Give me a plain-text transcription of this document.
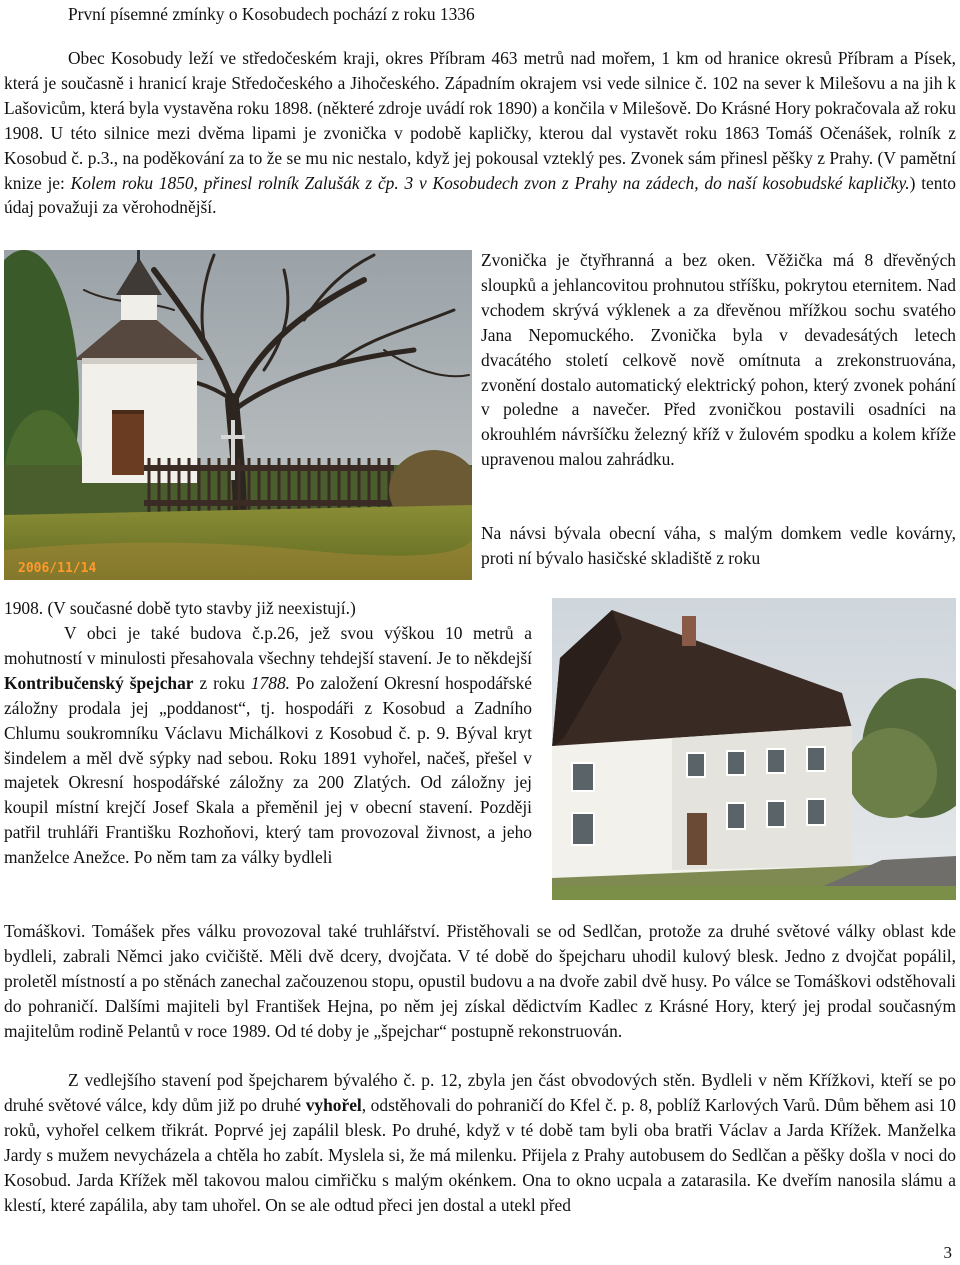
První písemné zmínky o Kosobudech pochází z roku 1336

Obec Kosobudy leží ve středočeském kraji, okres Příbram 463 metrů nad mořem, 1 km od hranice okresů Příbram a Písek, která je současně i hranicí kraje Středočeského a Jihočeského. Západním okrajem vsi vede silnice č. 102 na sever k Milešovu a na jih k Lašovicům, která byla vystavěna roku 1898. (některé zdroje uvádí rok 1890) a končila v Milešově. Do Krásné Hory pokračovala až roku 1908. U této silnice mezi dvěma lipami je zvonička v podobě kapličky, kterou dal vystavět roku 1863 Tomáš Očenášek, rolník z Kosobud č. p.3., na poděkování za to že se mu nic nestalo, když jej pokousal vzteklý pes. Zvonek sám přinesl pěšky z Prahy. (V pamětní knize je: Kolem roku 1850, přinesl rolník Zalušák z čp. 3 v Kosobudech zvon z Prahy na zádech, do naší kosobudské kapličky.) tento údaj považuji za věrohodnější.

2006/11/14

Zvonička je čtyřhranná a bez oken. Věžička má 8 dřevěných sloupků a jehlancovitou prohnutou stříšku, pokrytou eternitem. Nad vchodem skrývá výklenek a za dřevěnou mřížkou sochu svatého Jana Nepomuckého. Zvonička byla v devadesátých letech dvacátého století celkově nově omítnuta a zrekonstruována, zvonění dostalo automatický elektrický pohon, který zvonek pohání v poledne a navečer. Před zvoničkou postavili osadníci na okrouhlém návršíčku železný kříž v žulovém spodku a kolem kříže upravenou malou zahrádku.

Na návsi bývala obecní váha, s malým domkem vedle kovárny, proti ní bývalo hasičské skladiště z roku

1908. (V současné době tyto stavby již neexistují.)

V obci je také budova č.p.26, jež svou výškou 10 metrů a mohutností v minulosti přesahovala všechny tehdejší stavení. Je to někdejší Kontribučenský špejchar z roku 1788. Po založení Okresní hospodářské záložny prodala jej „poddanost“, tj. hospodáři z Kosobud a Zadního Chlumu soukromníku Václavu Michálkovi z Kosobud č. p. 9. Býval kryt šindelem a měl dvě sýpky nad sebou. Roku 1891 vyhořel, načeš, přešel v majetek Okresní hospodářské záložny za 200 Zlatých. Od záložny jej koupil místní krejčí Josef Skala a přeměnil jej v obecní stavení. Později patřil truhláři Františku Rozhoňovi, který tam provozoval živnost, a jeho manželce Anežce. Po něm tam za války bydleli

Tomáškovi. Tomášek přes válku provozoval také truhlářství. Přistěhovali se od Sedlčan, protože za druhé světové války oblast kde bydleli, zabrali Němci jako cvičiště. Měli dvě dcery, dvojčata. V té době do špejcharu uhodil kulový blesk. Jedno z dvojčat popálil, proletěl místností a po stěnách zanechal začouzenou stopu, opustil budovu a na dvoře zabil dvě husy. Po válce se Tomáškovi odstěhovali do pohraničí. Dalšími majiteli byl František Hejna, po něm jej získal dědictvím Kadlec z Krásné Hory, který jej prodal současným majitelům rodině Pelantů v roce 1989. Od té doby je „špejchar“ postupně rekonstruován.

Z vedlejšího stavení pod špejcharem bývalého č. p. 12, zbyla jen část obvodových stěn. Bydleli v něm Křížkovi, kteří se po druhé světové válce, kdy dům již po druhé vyhořel, odstěhovali do pohraničí do Kfel č. p. 8, poblíž Karlových Varů. Dům během asi 10 roků, vyhořel celkem třikrát. Poprvé jej zapálil blesk. Po druhé, když v té době tam byli oba bratři Václav a Jarda Křížek. Manželka Jardy s mužem nevycházela a chtěla ho zabít. Myslela si, že má milenku. Přijela z Prahy autobusem do Sedlčan a pěšky došla v noci do Kosobud. Jarda Křížek měl takovou malou cimřičku s malým okénkem. Ona to okno ucpala a zatarasila. Ke dveřím nanosila slámu a klestí, které zapálila, aby tam uhořel. On se ale odtud přeci jen dostal a utekl před

3
